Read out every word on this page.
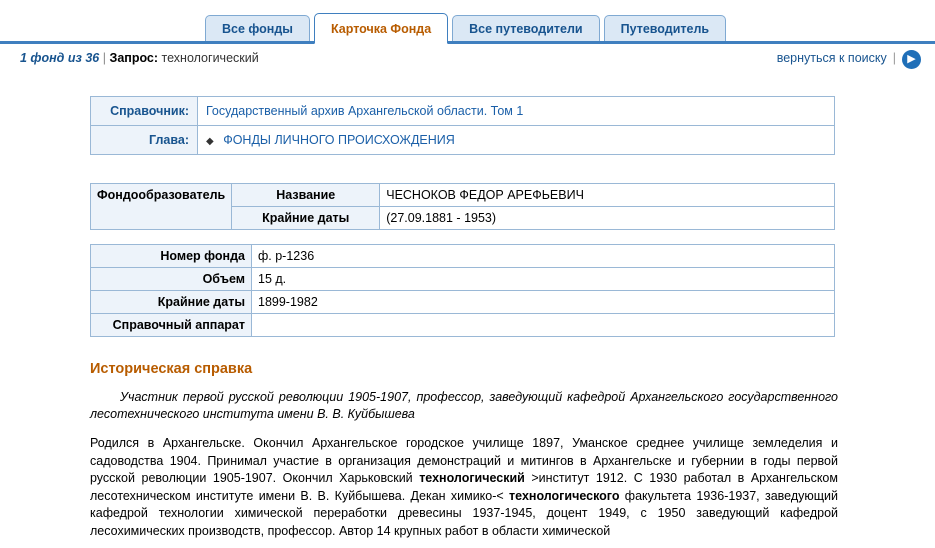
Все фонды	Карточка Фонда	Все путеводители	Путеводитель
1 фонд из 36 | Запрос: технологический	вернуться к поиску |	▶
Справочник:	Государственный архив Архангельской области. Том 1
Глава:	◆ ФОНДЫ ЛИЧНОГО ПРОИСХОЖДЕНИЯ
Фондообразователь	Название	ЧЕСНОКОВ ФЕДОР АРЕФЬЕВИЧ
	Крайние даты	(27.09.1881 - 1953)
Номер фонда	ф. р-1236
Объем	15 д.
Крайние даты	1899-1982
Справочный аппарат	
Историческая справка
Участник первой русской революции 1905-1907, профессор, заведующий кафедрой Архангельского государственного лесотехнического института имени В. В. Куйбышева
Родился в Архангельске. Окончил Архангельское городское училище 1897, Уманское среднее училище земледелия и садоводства 1904. Принимал участие в организация демонстраций и митингов в Архангельске и губернии в годы первой русской революции 1905-1907. Окончил Харьковский технологический >институт 1912. С 1930 работал в Архангельском лесотехническом институте имени В. В. Куйбышева. Декан химико-< технологического факультета 1936-1937, заведующий кафедрой технологии химической переработки древесины 1937-1945, доцент 1949, с 1950 заведующий кафедрой лесохимических производств, профессор. Автор 14 крупных работ в области химической
